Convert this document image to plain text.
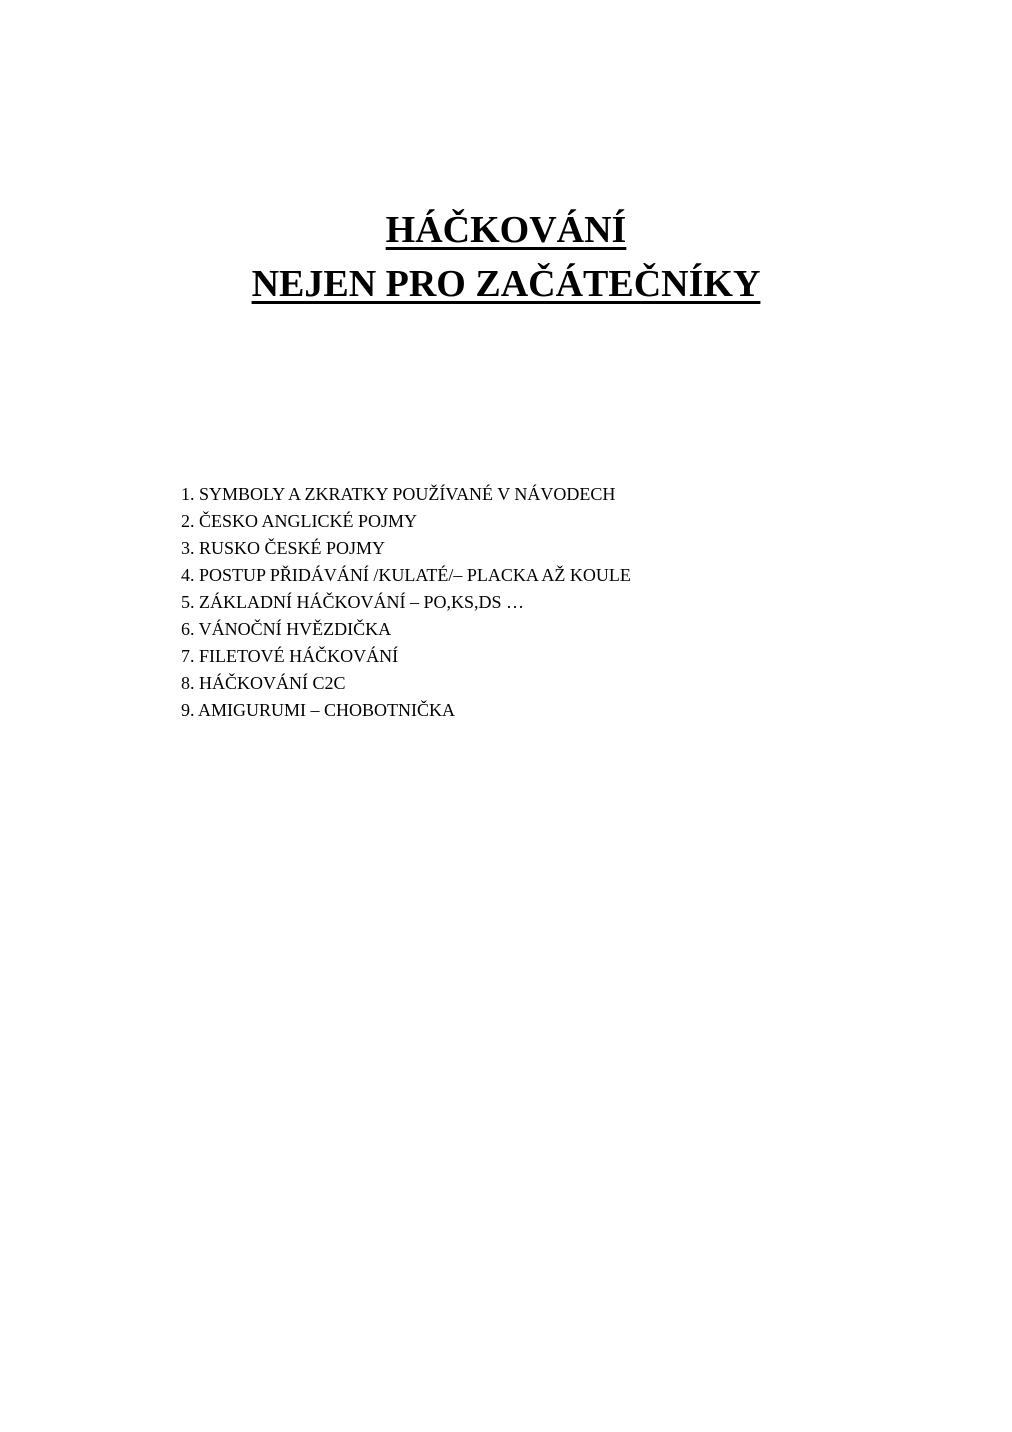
HÁČKOVÁNÍ
NEJEN PRO ZAČÁTEČNÍKY
1. SYMBOLY A ZKRATKY POUŽÍVANÉ V NÁVODECH
2. ČESKO ANGLICKÉ POJMY
3. RUSKO ČESKÉ POJMY
4. POSTUP PŘIDÁVÁNÍ /KULATÉ/– PLACKA AŽ KOULE
5. ZÁKLADNÍ HÁČKOVÁNÍ – PO,KS,DS …
6. VÁNOČNÍ HVĚZDIČKA
7. FILETOVÉ HÁČKOVÁNÍ
8. HÁČKOVÁNÍ C2C
9. AMIGURUMI – CHOBOTNIČKA
